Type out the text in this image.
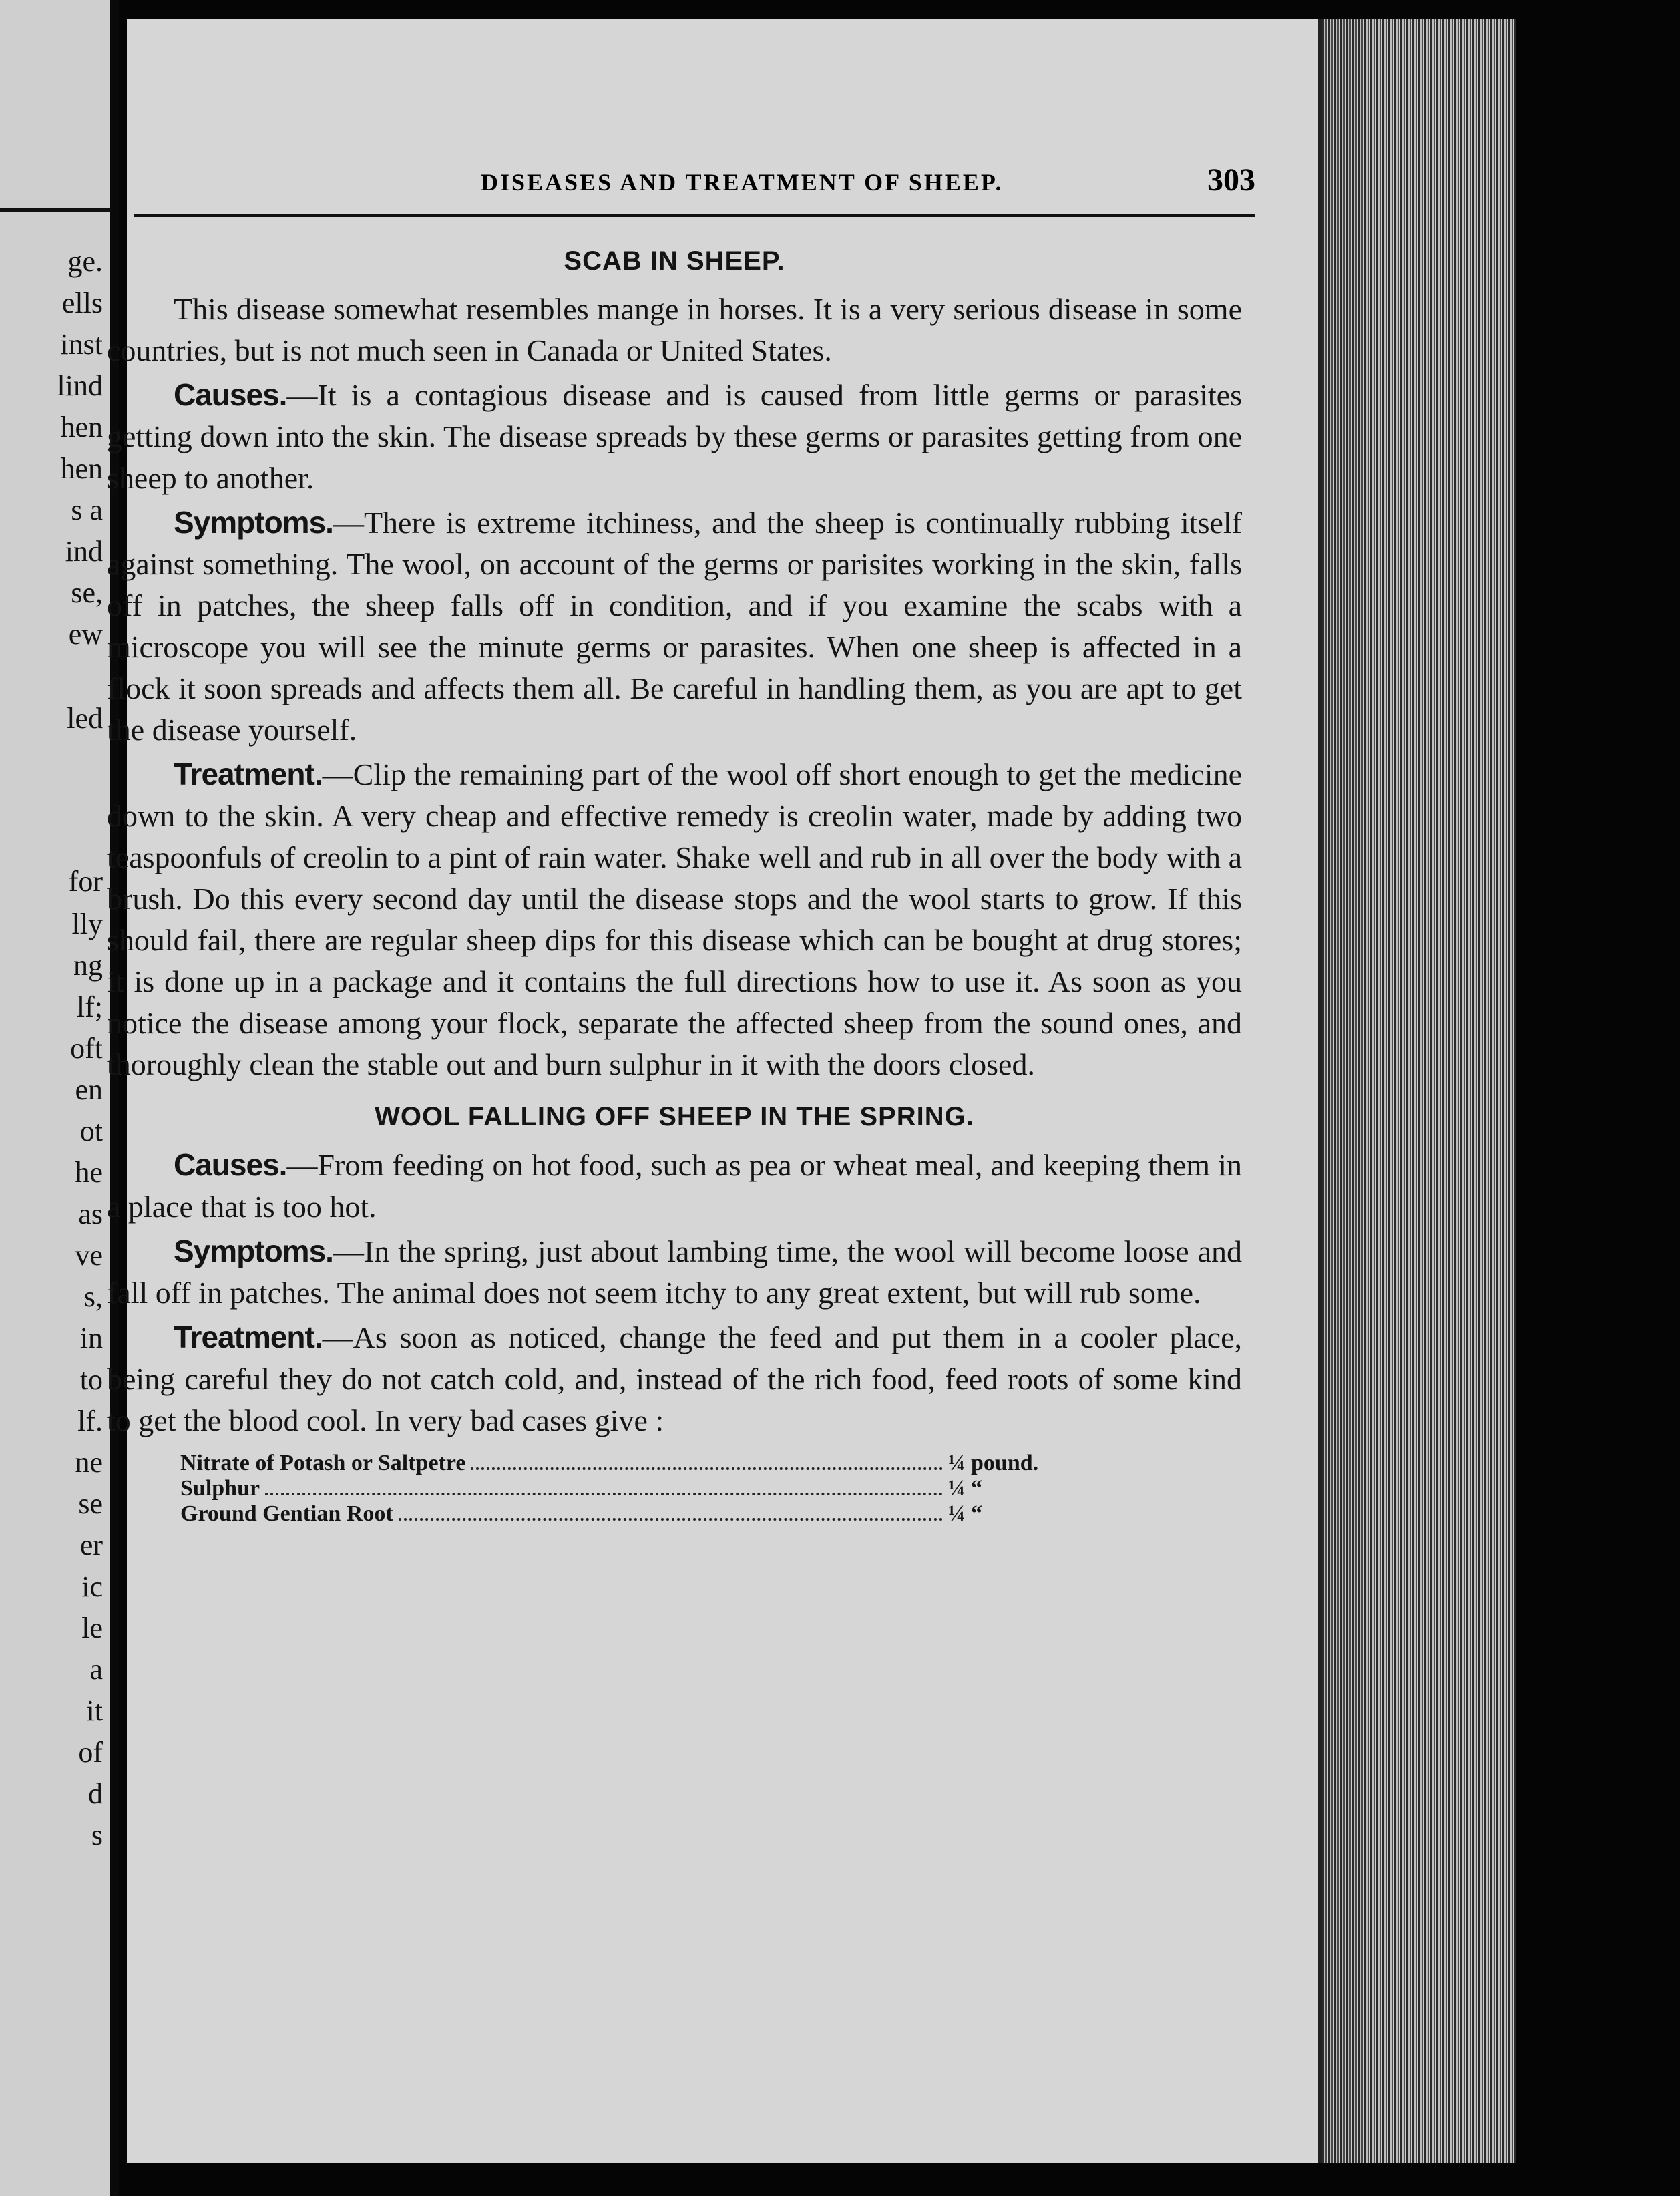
ge.
ells
inst
lind
hen
hen
s a
ind
se,
ew
led
for
lly
ng
lf;
oft
en
ot
he
as
ve
s,
in
to
lf.
ne
se
er
ic
le
a
it
of
d
s
DISEASES AND TREATMENT OF SHEEP.	303
SCAB IN SHEEP.

This disease somewhat resembles mange in horses. It is a very serious disease in some countries, but is not much seen in Canada or United States.

Causes.—It is a contagious disease and is caused from little germs or parasites getting down into the skin. The disease spreads by these germs or parasites getting from one sheep to another.

Symptoms.—There is extreme itchiness, and the sheep is continually rubbing itself against something. The wool, on account of the germs or parisites working in the skin, falls off in patches, the sheep falls off in condition, and if you examine the scabs with a microscope you will see the minute germs or parasites. When one sheep is affected in a flock it soon spreads and affects them all. Be careful in handling them, as you are apt to get the disease yourself.

Treatment.—Clip the remaining part of the wool off short enough to get the medicine down to the skin. A very cheap and effective remedy is creolin water, made by adding two teaspoonfuls of creolin to a pint of rain water. Shake well and rub in all over the body with a brush. Do this every second day until the disease stops and the wool starts to grow. If this should fail, there are regular sheep dips for this disease which can be bought at drug stores; it is done up in a package and it contains the full directions how to use it. As soon as you notice the disease among your flock, separate the affected sheep from the sound ones, and thoroughly clean the stable out and burn sulphur in it with the doors closed.

WOOL FALLING OFF SHEEP IN THE SPRING.

Causes.—From feeding on hot food, such as pea or wheat meal, and keeping them in a place that is too hot.

Symptoms.—In the spring, just about lambing time, the wool will become loose and fall off in patches. The animal does not seem itchy to any great extent, but will rub some.

Treatment.—As soon as noticed, change the feed and put them in a cooler place, being careful they do not catch cold, and, instead of the rich food, feed roots of some kind to get the blood cool. In very bad cases give :

Nitrate of Potash or Saltpetre	¼ pound.
Sulphur	¼ “
Ground Gentian Root	¼ “
